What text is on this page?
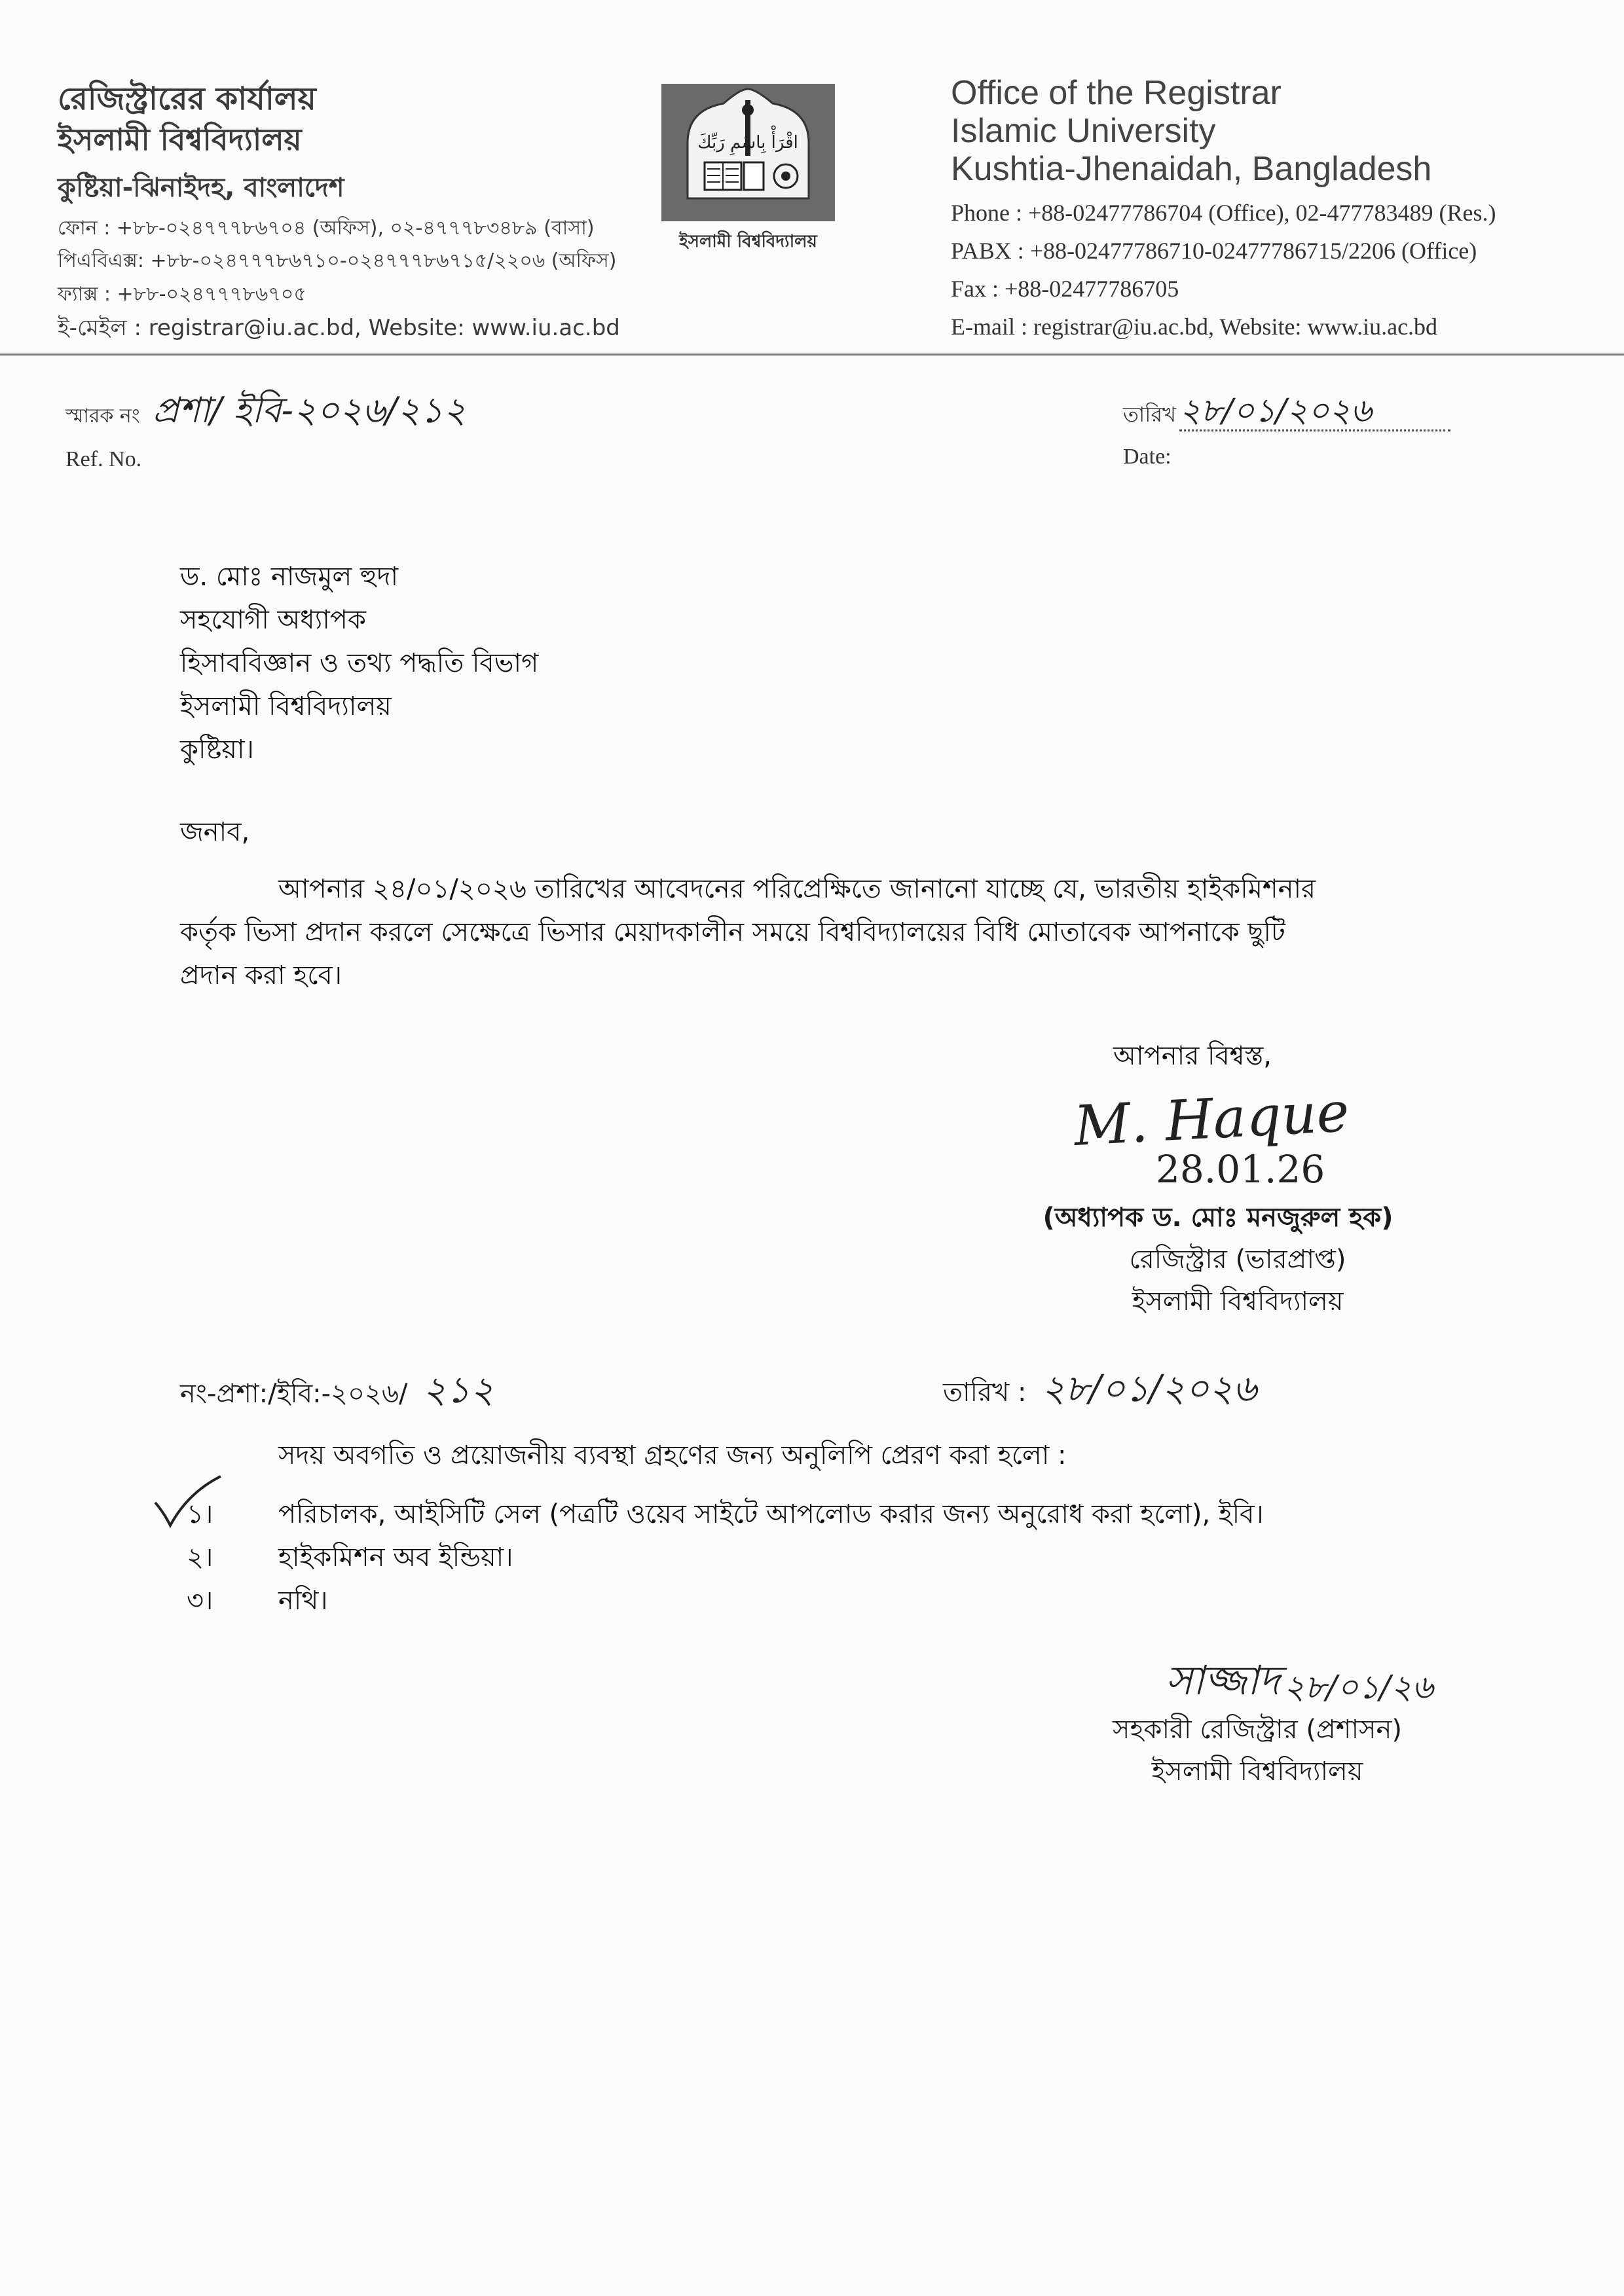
রেজিস্ট্রারের কার্যালয়
ইসলামী বিশ্ববিদ্যালয়
কুষ্টিয়া-ঝিনাইদহ, বাংলাদেশ
ফোন : +৮৮-০২৪৭৭৭৮৬৭০৪ (অফিস), ০২-৪৭৭৭৮৩৪৮৯ (বাসা)
পিএবিএক্স: +৮৮-০২৪৭৭৭৮৬৭১০-০২৪৭৭৭৮৬৭১৫/২২০৬ (অফিস)
ফ্যাক্স : +৮৮-০২৪৭৭৭৮৬৭০৫
ই-মেইল : registrar@iu.ac.bd, Website: www.iu.ac.bd
اقْرَأْ بِاسْمِ رَبِّكَ
ইসলামী বিশ্ববিদ্যালয়
Office of the Registrar
Islamic University
Kushtia-Jhenaidah, Bangladesh
Phone : +88-02477786704 (Office), 02-477783489 (Res.)
PABX : +88-02477786710-02477786715/2206 (Office)
Fax : +88-02477786705
E-mail : registrar@iu.ac.bd, Website: www.iu.ac.bd
স্মারক নং প্রশা/ ইবি-২০২৬/২১২
Ref. No.
তারিখ ২৮/০১/২০২৬
Date:
ড. মোঃ নাজমুল হুদা
সহযোগী অধ্যাপক
হিসাববিজ্ঞান ও তথ্য পদ্ধতি বিভাগ
ইসলামী বিশ্ববিদ্যালয়
কুষ্টিয়া।
জনাব,
আপনার ২৪/০১/২০২৬ তারিখের আবেদনের পরিপ্রেক্ষিতে জানানো যাচ্ছে যে, ভারতীয় হাইকমিশনার
কর্তৃক ভিসা প্রদান করলে সেক্ষেত্রে ভিসার মেয়াদকালীন সময়ে বিশ্ববিদ্যালয়ের বিধি মোতাবেক আপনাকে ছুটি
প্রদান করা হবে।
আপনার বিশ্বস্ত,
M. Haque
28.01.26
(অধ্যাপক ড. মোঃ মনজুরুল হক)
রেজিস্ট্রার (ভারপ্রাপ্ত)
ইসলামী বিশ্ববিদ্যালয়
নং-প্রশা:/ইবি:-২০২৬/ ২১২	তারিখ : ২৮/০১/২০২৬
সদয় অবগতি ও প্রয়োজনীয় ব্যবস্থা গ্রহণের জন্য অনুলিপি প্রেরণ করা হলো :
১।	পরিচালক, আইসিটি সেল (পত্রটি ওয়েব সাইটে আপলোড করার জন্য অনুরোধ করা হলো), ইবি।
২।	হাইকমিশন অব ইন্ডিয়া।
৩।	নথি।
সাজ্জাদ ২৮/০১/২৬
সহকারী রেজিস্ট্রার (প্রশাসন)
ইসলামী বিশ্ববিদ্যালয়
